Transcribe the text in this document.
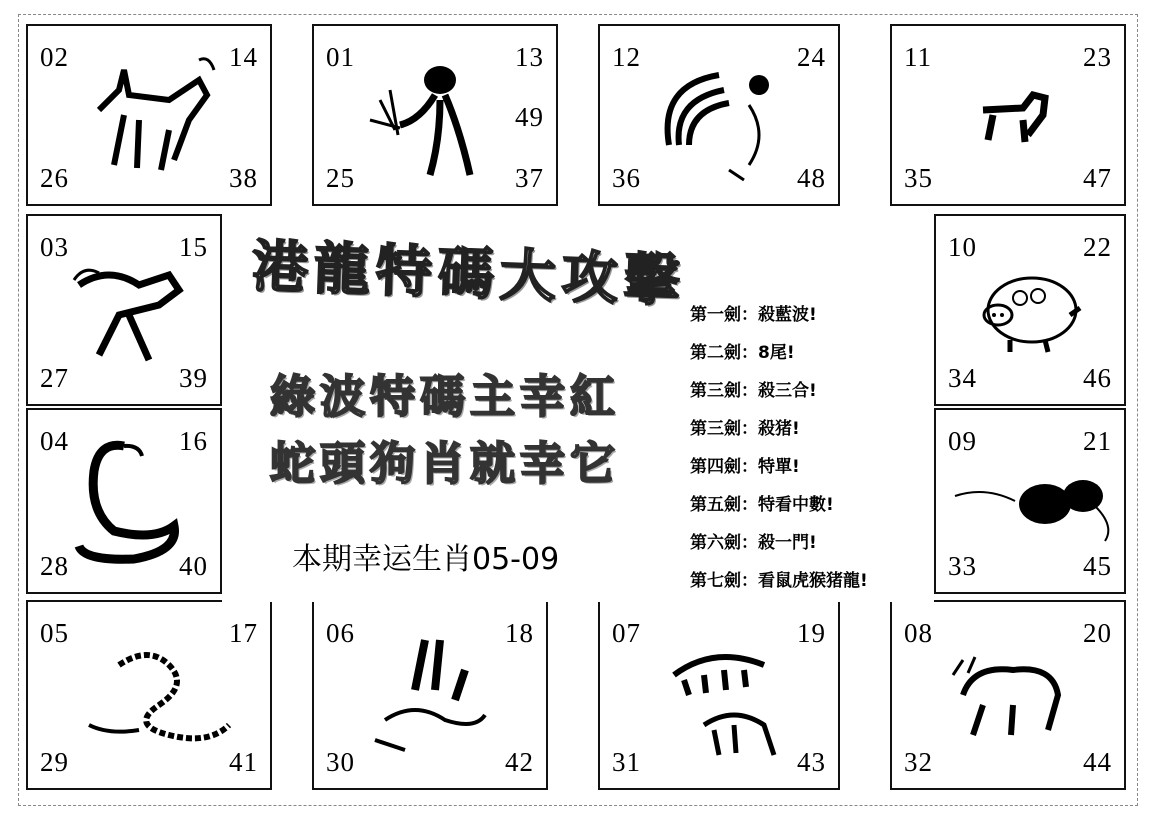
02	14
26	38
01	13
49
25	37
12	24
36	48
11	23
35	47
03	15
27	39
04	16
28	40
10	22
34	46
09	21
33	45
05	17
29	41
06	18
30	42
07	19
31	43
08	20
32	44
港龍特碼大攻擊
綠波特碼主幸紅
蛇頭狗肖就幸它
本期幸运生肖05-09
第一劍：殺藍波!
第二劍：8尾!
第三劍：殺三合!
第三劍：殺猪!
第四劍：特單!
第五劍：特看中數!
第六劍：殺一門!
第七劍：看鼠虎猴猪龍!
